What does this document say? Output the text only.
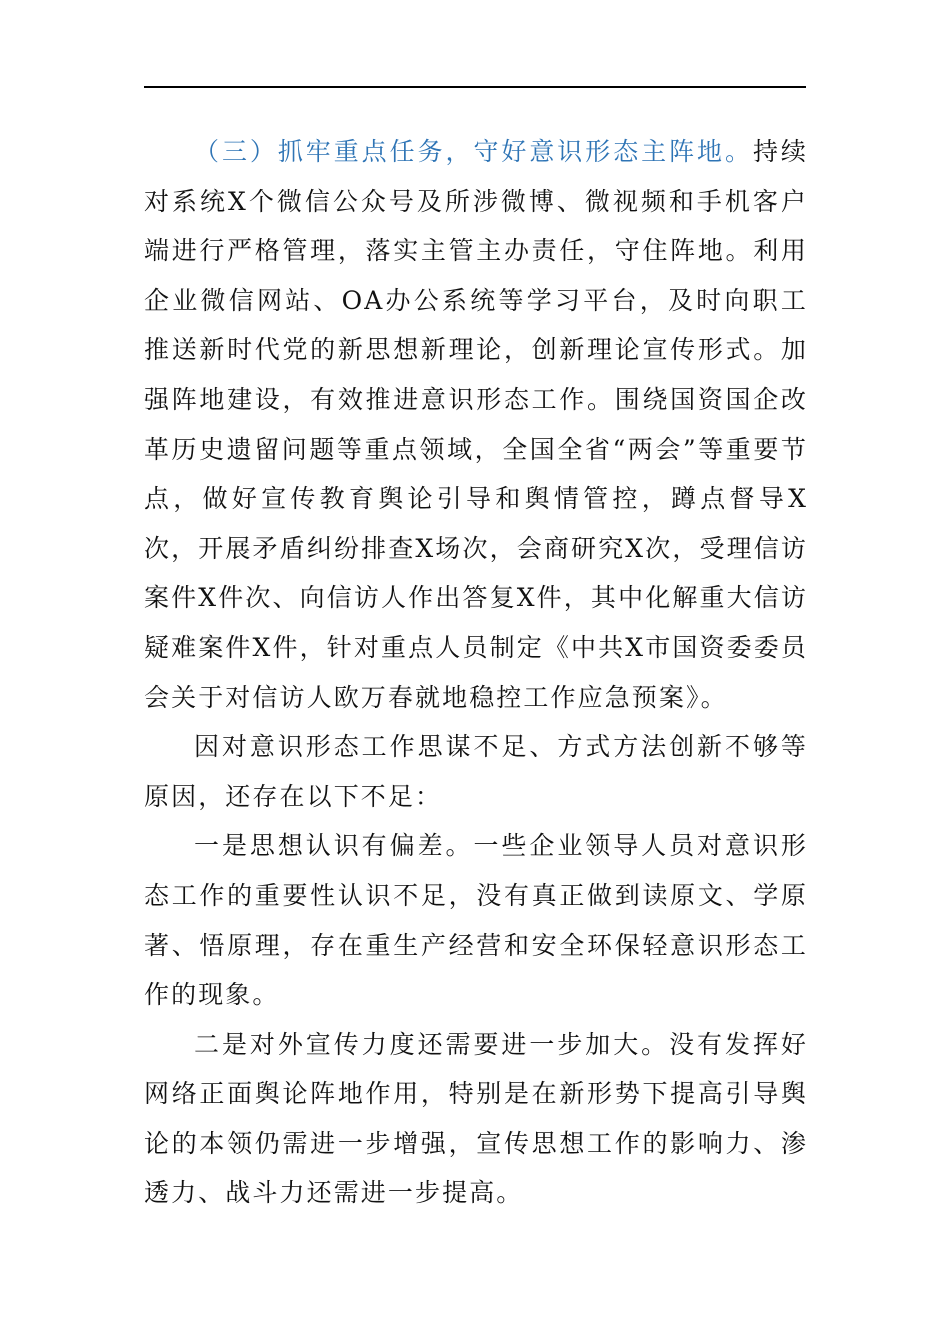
（三）抓牢重点任务，守好意识形态主阵地。持续对系统X个微信公众号及所涉微博、微视频和手机客户端进行严格管理，落实主管主办责任，守住阵地。利用企业微信网站、OA办公系统等学习平台，及时向职工推送新时代党的新思想新理论，创新理论宣传形式。加强阵地建设，有效推进意识形态工作。围绕国资国企改革历史遗留问题等重点领域，全国全省“两会”等重要节点，做好宣传教育舆论引导和舆情管控，蹲点督导X次，开展矛盾纠纷排查X场次，会商研究X次，受理信访案件X件次、向信访人作出答复X件，其中化解重大信访疑难案件X件，针对重点人员制定《中共X市国资委委员会关于对信访人欧万春就地稳控工作应急预案》。

因对意识形态工作思谋不足、方式方法创新不够等原因，还存在以下不足：

一是思想认识有偏差。一些企业领导人员对意识形态工作的重要性认识不足，没有真正做到读原文、学原著、悟原理，存在重生产经营和安全环保轻意识形态工作的现象。

二是对外宣传力度还需要进一步加大。没有发挥好网络正面舆论阵地作用，特别是在新形势下提高引导舆论的本领仍需进一步增强，宣传思想工作的影响力、渗透力、战斗力还需进一步提高。
